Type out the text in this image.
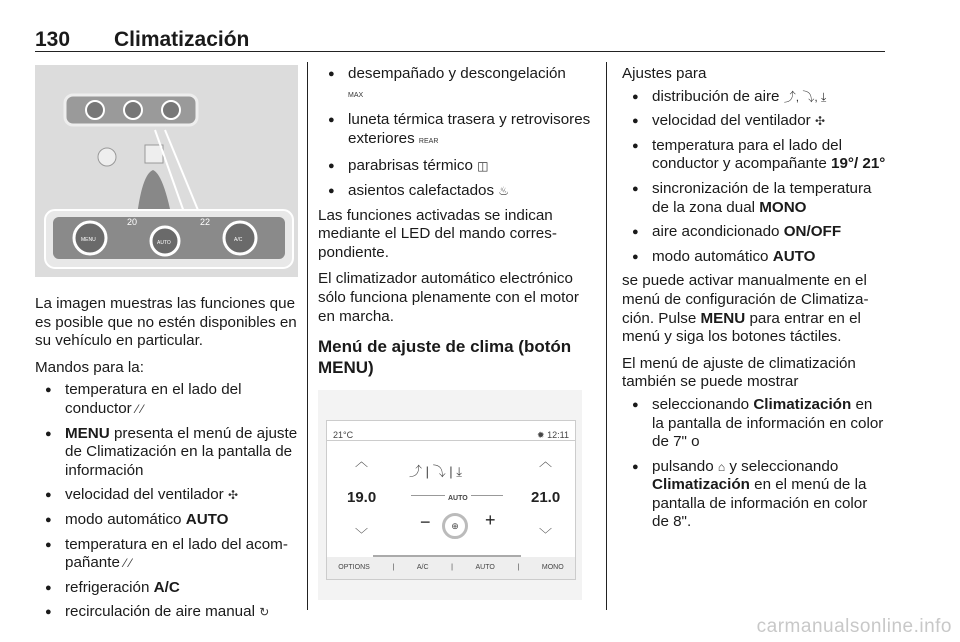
130 Climatización
20	22
MENU	AUTO	A/C

La imagen muestras las funciones que es posible que no estén disponibles en su vehículo en particular.

Mandos para la:

● temperatura en el lado del conductor ⁄ ⁄
● MENU presenta el menú de ajuste de Climatización en la pantalla de información
● velocidad del ventilador ✣
● modo automático AUTO
● temperatura en el lado del acompañante ⁄ ⁄
● refrigeración A/C
● recirculación de aire manual ↻
● desempañado y descongelación
MAX
● luneta térmica trasera y retrovisores exteriores REAR
● parabrisas térmico ◫
● asientos calefactados ♨

Las funciones activadas se indican mediante el LED del mando correspondiente.

El climatizador automático electrónico sólo funciona plenamente con el motor en marcha.

Menú de ajuste de clima (botón MENU)
21°C	✹ 12:11
︿
19.0
﹀
⤴ | ⤵ | ⤓
AUTO
−	⊕	+
︿
21.0
﹀
OPTIONS	|	A/C	|	AUTO	|	MONO

Ajustes para

● distribución de aire ⤴, ⤵, ⤓
● velocidad del ventilador ✣
● temperatura para el lado del conductor y acompañante 19°/ 21°
● sincronización de la temperatura de la zona dual MONO
● aire acondicionado ON/OFF
● modo automático AUTO

se puede activar manualmente en el menú de configuración de Climatización. Pulse MENU para entrar en el menú y siga los botones táctiles.

El menú de ajuste de climatización también se puede mostrar

● seleccionando Climatización en la pantalla de información en color de 7" o
● pulsando ⌂ y seleccionando Climatización en el menú de la pantalla de información en color de 8".
carmanualsonline.info
